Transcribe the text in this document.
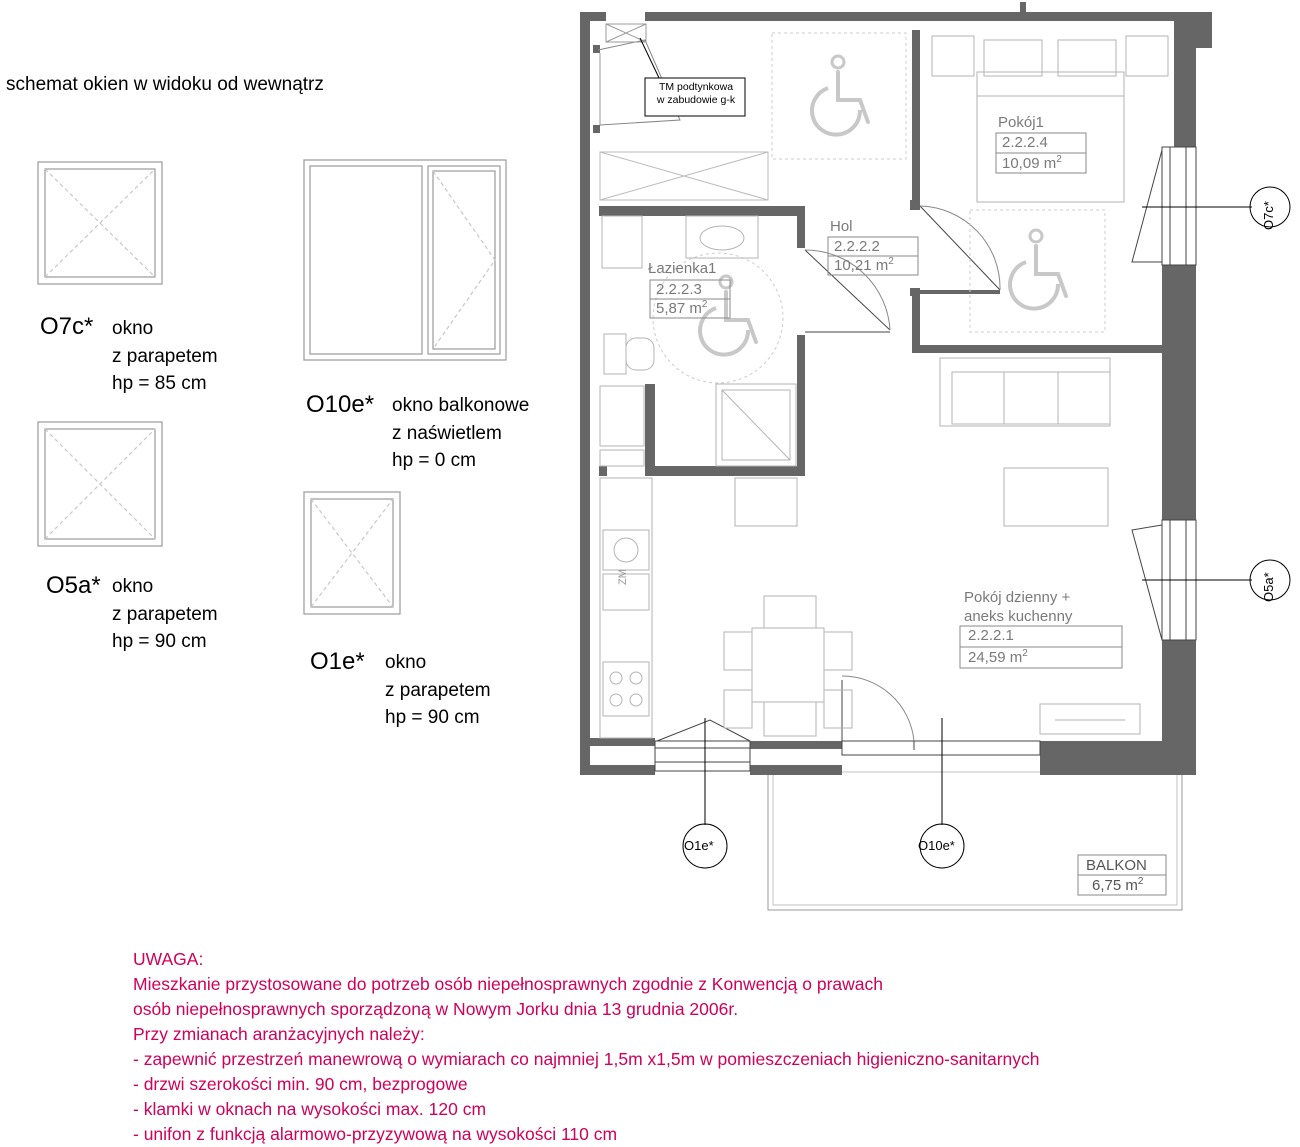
schemat okien w widoku od wewnątrz
O7c* okno
z parapetem
hp = 85 cm
O5a* okno
z parapetem
hp = 90 cm
O10e* okno balkonowe
z naświetlem
hp = 0 cm
O1e* okno
z parapetem
hp = 90 cm
TM podtynkowa
w zabudowie g-k
Pokój1
2.2.2.4
10,09 $m^2$
Hol
2.2.2.2
10,21 $m^2$
Łazienka1
2.2.2.3
5,87 $m^2$
Pokój dzienny +
aneks kuchenny
2.2.2.1
24,59 $m^2$
BALKON
6,75 $m^2$
ZM
O7c*
O5a*
O1e*	O10e*
UWAGA:
Mieszkanie przystosowane do potrzeb osób niepełnosprawnych zgodnie z Konwencją o prawach
osób niepełnosprawnych sporządzoną w Nowym Jorku dnia 13 grudnia 2006r.
Przy zmianach aranżacyjnych należy:
- zapewnić przestrzeń manewrową o wymiarach co najmniej 1,5m x1,5m w pomieszczeniach higieniczno-sanitarnych
- drzwi szerokości min. 90 cm, bezprogowe
- klamki w oknach na wysokości max. 120 cm
- unifon z funkcją alarmowo-przyzywową na wysokości 110 cm
